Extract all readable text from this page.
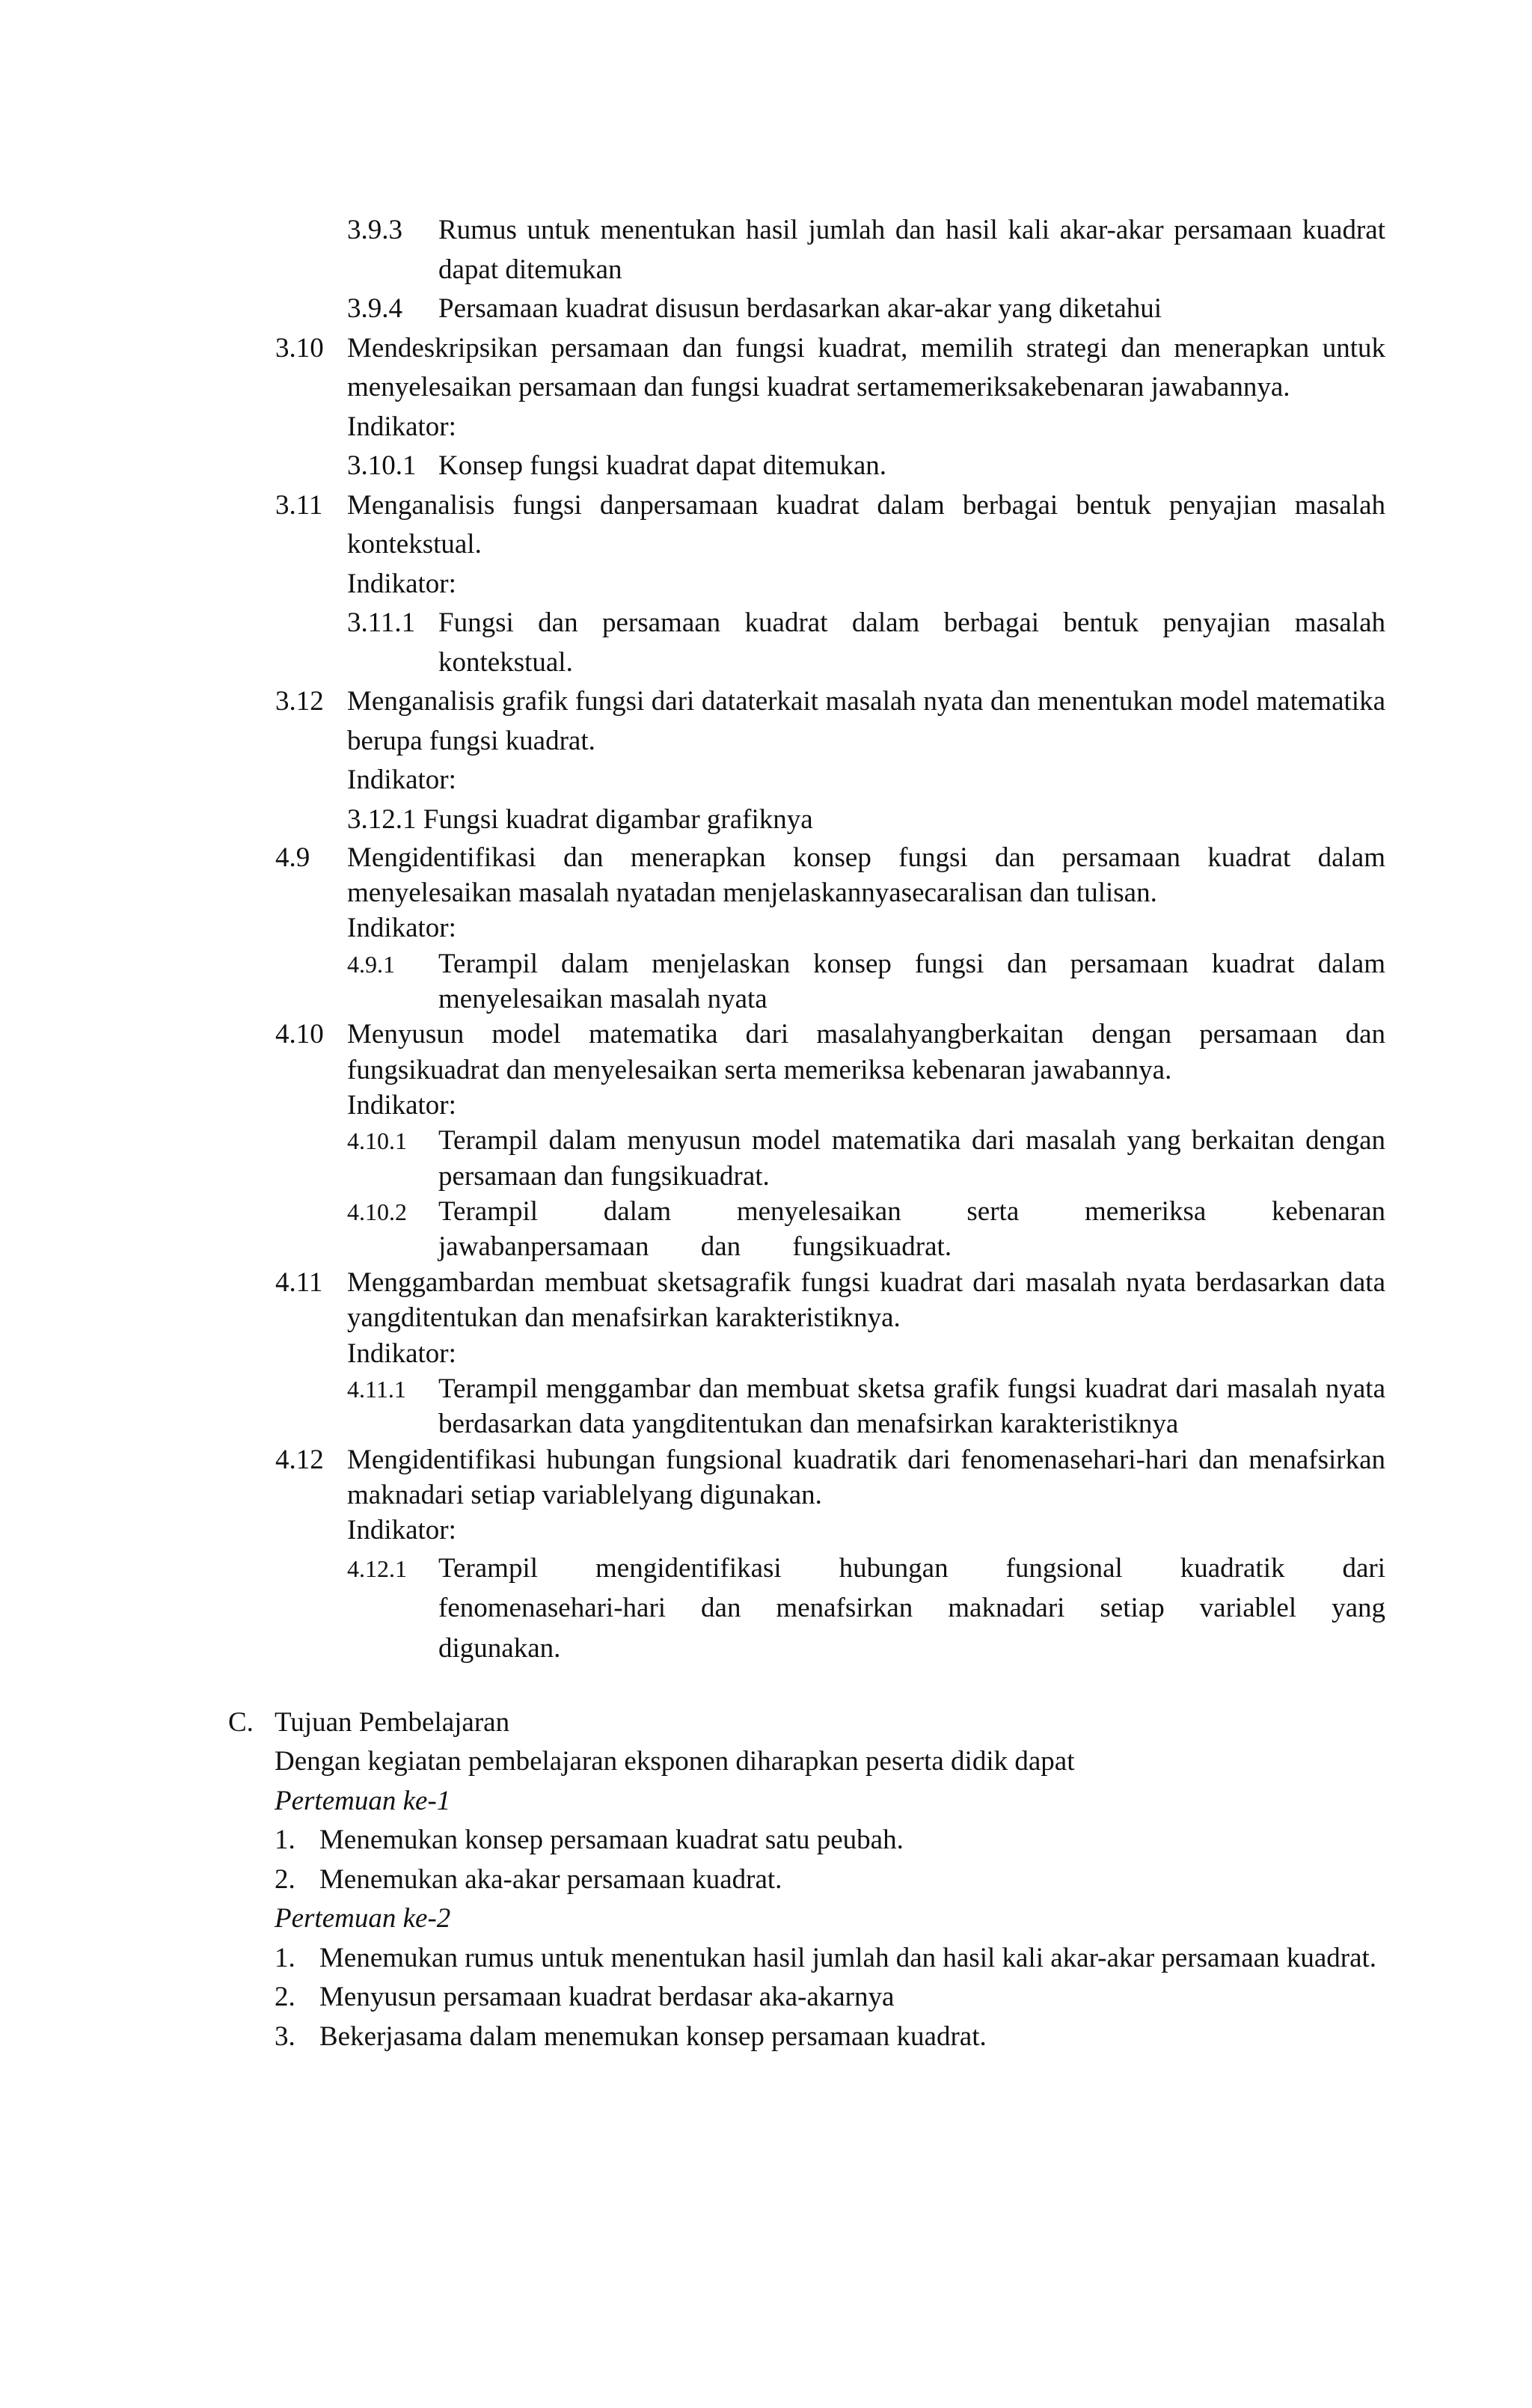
3.9.3	Rumus untuk menentukan hasil jumlah dan hasil kali akar-akar persamaan kuadrat dapat ditemukan
3.9.4	Persamaan kuadrat disusun berdasarkan akar-akar yang diketahui
3.10 Mendeskripsikan persamaan dan fungsi kuadrat, memilih strategi dan menerapkan untuk menyelesaikan persamaan dan fungsi kuadrat sertamemeriksakebenaran jawabannya.
Indikator:
3.10.1 Konsep fungsi kuadrat dapat ditemukan.
3.11 Menganalisis fungsi danpersamaan kuadrat dalam berbagai bentuk penyajian masalah kontekstual.
Indikator:
3.11.1 Fungsi dan persamaan kuadrat dalam berbagai bentuk penyajian masalah kontekstual.
3.12 Menganalisis grafik fungsi dari dataterkait masalah nyata dan menentukan model matematika berupa fungsi kuadrat.
Indikator:
3.12.1 Fungsi kuadrat digambar grafiknya
4.9	Mengidentifikasi dan menerapkan konsep fungsi dan persamaan kuadrat dalam menyelesaikan masalah nyatadan menjelaskannyasecaralisan dan tulisan.
Indikator:
4.9.1	Terampil dalam menjelaskan konsep fungsi dan persamaan kuadrat dalam menyelesaikan masalah nyata
4.10 Menyusun model matematika dari masalahyangberkaitan dengan persamaan dan fungsikuadrat dan menyelesaikan serta memeriksa kebenaran jawabannya.
Indikator:
4.10.1	Terampil dalam menyusun model matematika dari masalah yang berkaitan dengan persamaan dan fungsikuadrat.
4.10.2	Terampil dalam menyelesaikan serta memeriksa kebenaran jawabanpersamaan dan fungsikuadrat.
4.11 Menggambardan membuat sketsagrafik fungsi kuadrat dari masalah nyata berdasarkan data yangditentukan dan menafsirkan karakteristiknya.
Indikator:
4.11.1	Terampil menggambar dan membuat sketsa grafik fungsi kuadrat dari masalah nyata berdasarkan data yangditentukan dan menafsirkan karakteristiknya
4.12 Mengidentifikasi hubungan fungsional kuadratik dari fenomenasehari-hari dan menafsirkan maknadari setiap variablelyang digunakan.
Indikator:
4.12.1	Terampil mengidentifikasi hubungan fungsional kuadratik dari fenomenasehari-hari dan menafsirkan maknadari setiap variablel yang digunakan.
C. Tujuan Pembelajaran
Dengan kegiatan pembelajaran eksponen diharapkan peserta didik dapat
Pertemuan ke-1
1. Menemukan konsep persamaan kuadrat satu peubah.
2. Menemukan aka-akar persamaan kuadrat.
Pertemuan ke-2
1. Menemukan rumus untuk menentukan hasil jumlah dan hasil kali akar-akar persamaan kuadrat.
2. Menyusun persamaan kuadrat berdasar aka-akarnya
3. Bekerjasama dalam menemukan konsep persamaan kuadrat.
